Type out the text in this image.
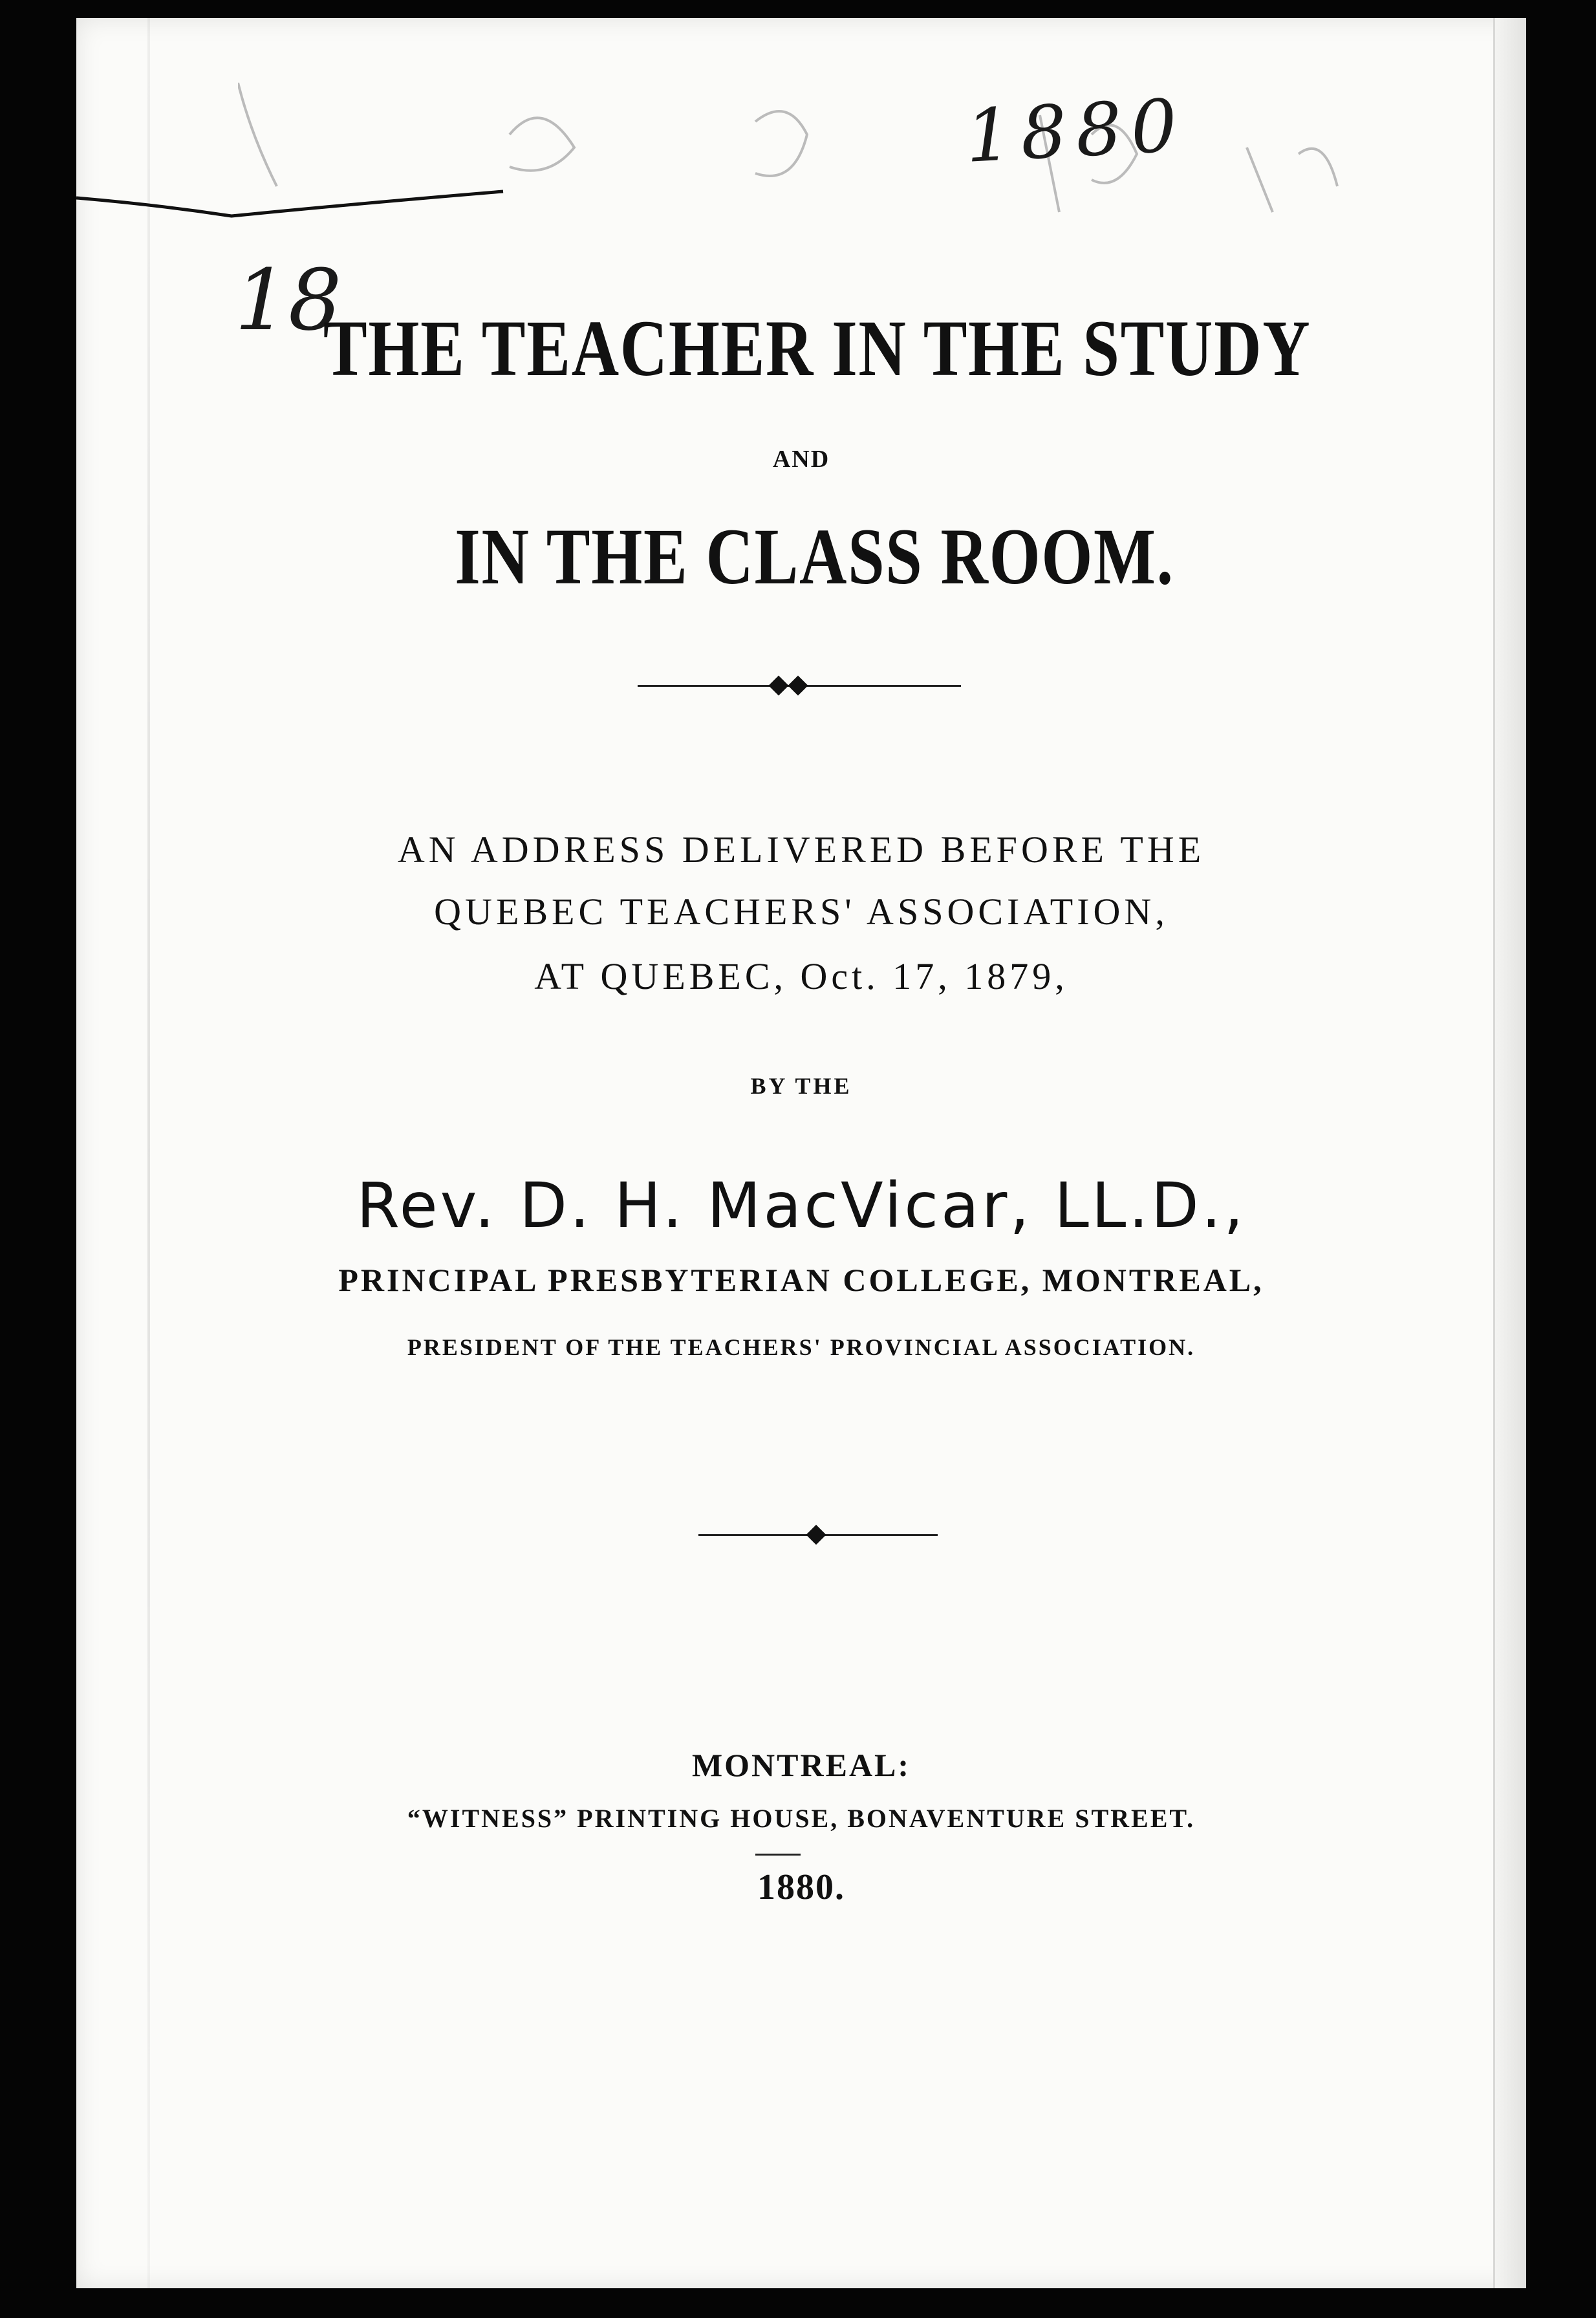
1880
18
THE TEACHER IN THE STUDY
AND
IN THE CLASS ROOM.
AN ADDRESS DELIVERED BEFORE THE
QUEBEC TEACHERS' ASSOCIATION,
AT QUEBEC, Oct. 17, 1879,
BY THE
Rev. D. H. MacVicar, LL.D.,
PRINCIPAL PRESBYTERIAN COLLEGE, MONTREAL,
PRESIDENT OF THE TEACHERS' PROVINCIAL ASSOCIATION.
MONTREAL:
“WITNESS” PRINTING HOUSE, BONAVENTURE STREET.
1880.
